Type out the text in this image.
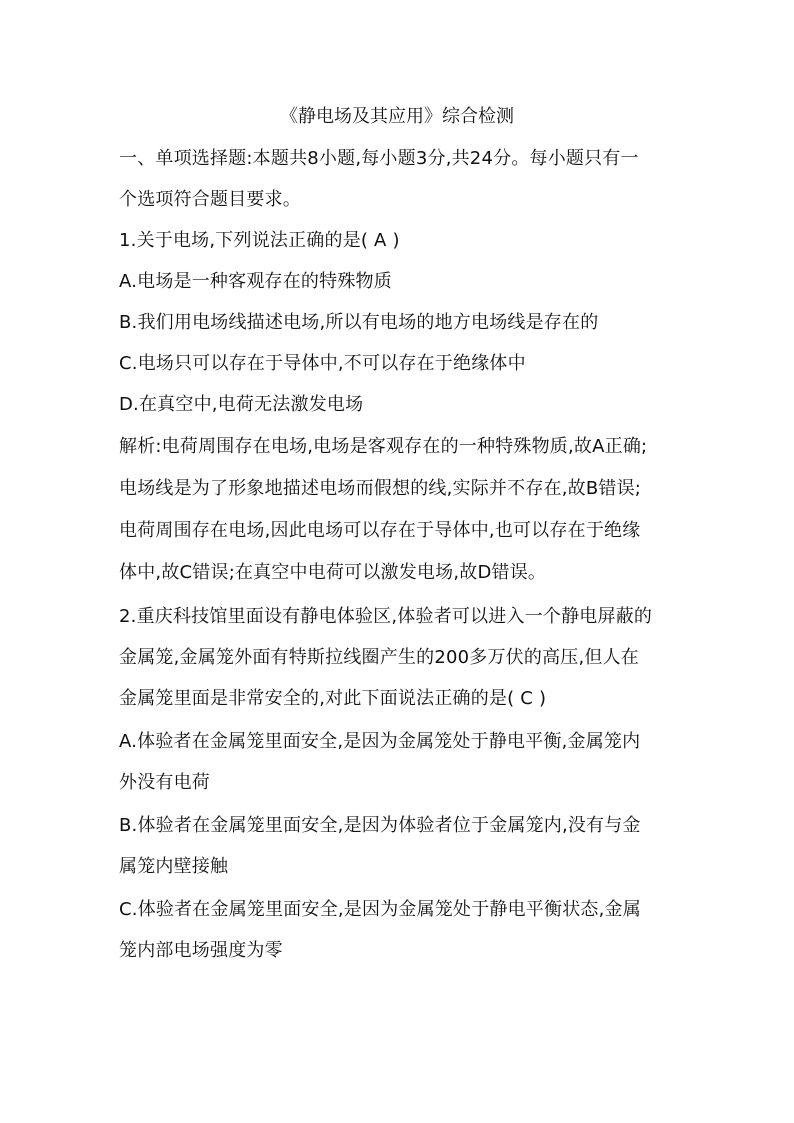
《静电场及其应用》综合检测
一、单项选择题:本题共8小题,每小题3分,共24分。每小题只有一
个选项符合题目要求。
1.关于电场,下列说法正确的是( A )
A.电场是一种客观存在的特殊物质
B.我们用电场线描述电场,所以有电场的地方电场线是存在的
C.电场只可以存在于导体中,不可以存在于绝缘体中
D.在真空中,电荷无法激发电场
解析:电荷周围存在电场,电场是客观存在的一种特殊物质,故A正确;
电场线是为了形象地描述电场而假想的线,实际并不存在,故B错误;
电荷周围存在电场,因此电场可以存在于导体中,也可以存在于绝缘
体中,故C错误;在真空中电荷可以激发电场,故D错误。
2.重庆科技馆里面设有静电体验区,体验者可以进入一个静电屏蔽的
金属笼,金属笼外面有特斯拉线圈产生的200多万伏的高压,但人在
金属笼里面是非常安全的,对此下面说法正确的是( C )
A.体验者在金属笼里面安全,是因为金属笼处于静电平衡,金属笼内
外没有电荷
B.体验者在金属笼里面安全,是因为体验者位于金属笼内,没有与金
属笼内壁接触
C.体验者在金属笼里面安全,是因为金属笼处于静电平衡状态,金属
笼内部电场强度为零
